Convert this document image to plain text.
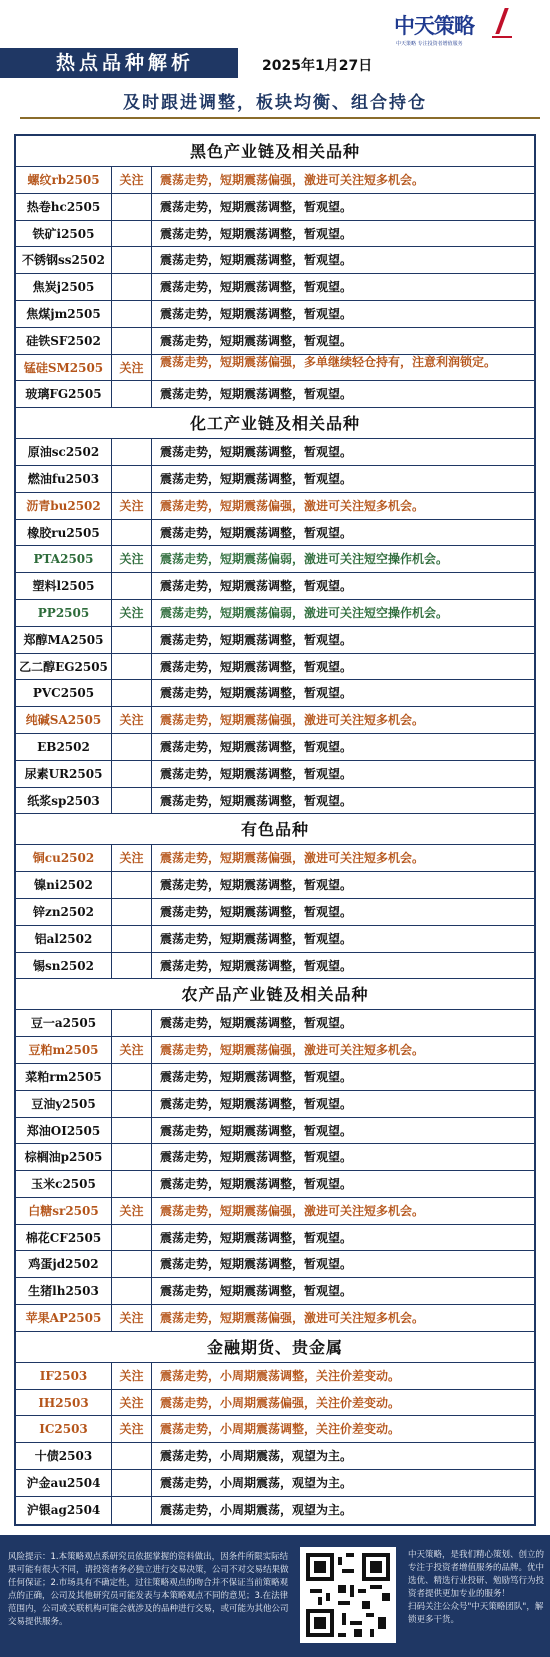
热点品种解析	2025年1月27日
中天策略
中天策略 专注投资者增值服务
及时跟进调整，板块均衡、组合持仓
黑色产业链及相关品种
螺纹rb2505	关注	震荡走势，短期震荡偏强，激进可关注短多机会。
热卷hc2505	震荡走势，短期震荡调整，暂观望。
铁矿i2505	震荡走势，短期震荡调整，暂观望。
不锈钢ss2502	震荡走势，短期震荡调整，暂观望。
焦炭j2505	震荡走势，短期震荡调整，暂观望。
焦煤jm2505	震荡走势，短期震荡调整，暂观望。
硅铁SF2502	震荡走势，短期震荡调整，暂观望。
锰硅SM2505	关注	震荡走势，短期震荡偏强，多单继续轻仓持有，注意利润锁定。
玻璃FG2505	震荡走势，短期震荡调整，暂观望。
化工产业链及相关品种
原油sc2502	震荡走势，短期震荡调整，暂观望。
燃油fu2503	震荡走势，短期震荡调整，暂观望。
沥青bu2502	关注	震荡走势，短期震荡偏强，激进可关注短多机会。
橡胶ru2505	震荡走势，短期震荡调整，暂观望。
PTA2505	关注	震荡走势，短期震荡偏弱，激进可关注短空操作机会。
塑料l2505	震荡走势，短期震荡调整，暂观望。
PP2505	关注	震荡走势，短期震荡偏弱，激进可关注短空操作机会。
郑醇MA2505	震荡走势，短期震荡调整，暂观望。
乙二醇EG2505	震荡走势，短期震荡调整，暂观望。
PVC2505	震荡走势，短期震荡调整，暂观望。
纯碱SA2505	关注	震荡走势，短期震荡偏强，激进可关注短多机会。
EB2502	震荡走势，短期震荡调整，暂观望。
尿素UR2505	震荡走势，短期震荡调整，暂观望。
纸浆sp2503	震荡走势，短期震荡调整，暂观望。
有色品种
铜cu2502	关注	震荡走势，短期震荡偏强，激进可关注短多机会。
镍ni2502	震荡走势，短期震荡调整，暂观望。
锌zn2502	震荡走势，短期震荡调整，暂观望。
铝al2502	震荡走势，短期震荡调整，暂观望。
锡sn2502	震荡走势，短期震荡调整，暂观望。
农产品产业链及相关品种
豆一a2505	震荡走势，短期震荡调整，暂观望。
豆粕m2505	关注	震荡走势，短期震荡偏强，激进可关注短多机会。
菜粕rm2505	震荡走势，短期震荡调整，暂观望。
豆油y2505	震荡走势，短期震荡调整，暂观望。
郑油OI2505	震荡走势，短期震荡调整，暂观望。
棕榈油p2505	震荡走势，短期震荡调整，暂观望。
玉米c2505	震荡走势，短期震荡调整，暂观望。
白糖sr2505	关注	震荡走势，短期震荡偏强，激进可关注短多机会。
棉花CF2505	震荡走势，短期震荡调整，暂观望。
鸡蛋jd2502	震荡走势，短期震荡调整，暂观望。
生猪lh2503	震荡走势，短期震荡调整，暂观望。
苹果AP2505	关注	震荡走势，短期震荡偏强，激进可关注短多机会。
金融期货、贵金属
IF2503	关注	震荡走势，小周期震荡调整，关注价差变动。
IH2503	关注	震荡走势，小周期震荡偏强，关注价差变动。
IC2503	关注	震荡走势，小周期震荡调整，关注价差变动。
十债2503	震荡走势，小周期震荡，观望为主。
沪金au2504	震荡走势，小周期震荡，观望为主。
沪银ag2504	震荡走势，小周期震荡，观望为主。
风险提示：1.本策略观点系研究员依据掌握的资料做出，因条件所限实际结果可能有很大不同，请投资者务必独立进行交易决策，公司不对交易结果做任何保证；2.市场具有不确定性，过往策略观点的吻合并不保证当前策略观点的正确，公司及其他研究员可能发表与本策略观点不同的意见；3.在法律范围内，公司或关联机构可能会就涉及的品种进行交易，或可能为其他公司交易提供服务。
中天策略，是我们精心策划、创立的专注于投资者增值服务的品牌。优中选优、精选行业投研、勉励笃行为投资者提供更加专业的服务！
扫码关注公众号"中天策略团队"，解锁更多干货。
